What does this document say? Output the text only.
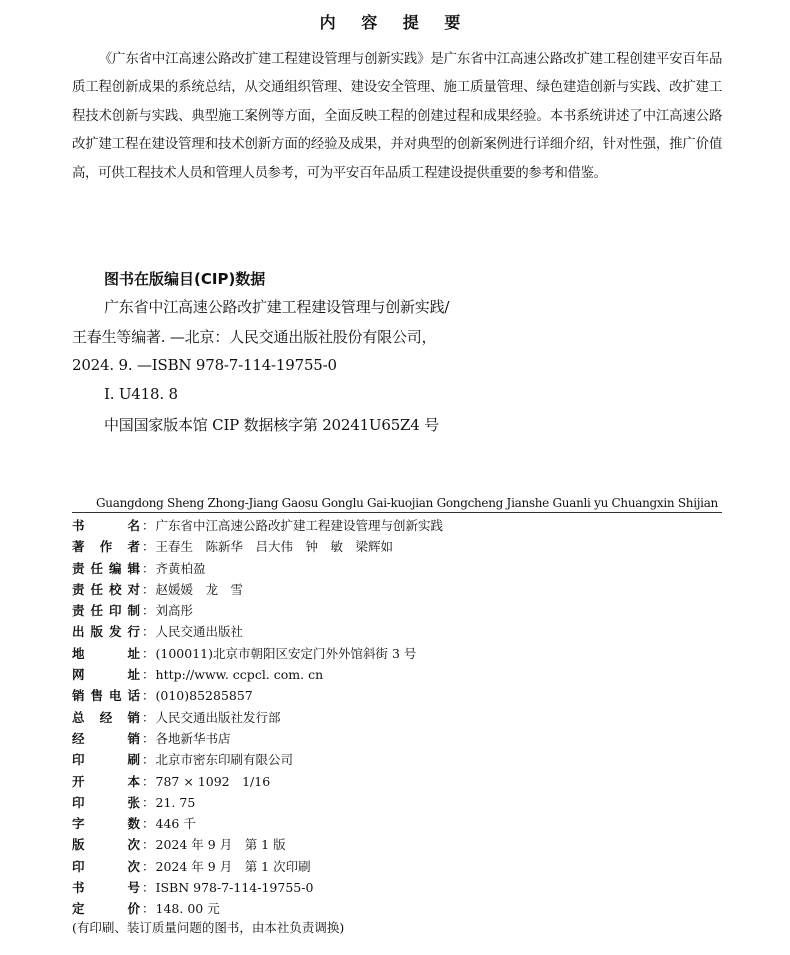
内 容 提 要

《广东省中江高速公路改扩建工程建设管理与创新实践》是广东省中江高速公路改扩建工程创建平安百年品质工程创新成果的系统总结，从交通组织管理、建设安全管理、施工质量管理、绿色建造创新与实践、改扩建工程技术创新与实践、典型施工案例等方面，全面反映工程的创建过程和成果经验。本书系统讲述了中江高速公路改扩建工程在建设管理和技术创新方面的经验及成果，并对典型的创新案例进行详细介绍，针对性强，推广价值高，可供工程技术人员和管理人员参考，可为平安百年品质工程建设提供重要的参考和借鉴。

图书在版编目(CIP)数据
广东省中江高速公路改扩建工程建设管理与创新实践/
王春生等编著. —北京：人民交通出版社股份有限公司，
2024. 9. —ISBN 978-7-114-19755-0
Ⅰ. U418. 8
中国国家版本馆 CIP 数据核字第 20241U65Z4 号
Guangdong Sheng Zhong-Jiang Gaosu Gonglu Gai-kuojian Gongcheng Jianshe Guanli yu Chuangxin Shijian
书	名 ： 广东省中江高速公路改扩建工程建设管理与创新实践
著 作 者 ： 王春生　陈新华　吕大伟　钟　敏　梁辉如
责 任 编 辑 ： 齐黄柏盈
责 任 校 对 ： 赵媛媛　龙　雪
责 任 印 制 ： 刘高彤
出 版 发 行 ： 人民交通出版社
地	址 ： (100011)北京市朝阳区安定门外外馆斜街 3 号
网	址 ： http://www. ccpcl. com. cn
销 售 电 话 ： (010)85285857
总 经 销 ： 人民交通出版社发行部
经	销 ： 各地新华书店
印	刷 ： 北京市密东印刷有限公司
开	本 ： 787 × 1092　1/16
印	张 ： 21. 75
字	数 ： 446 千
版	次 ： 2024 年 9 月　第 1 版
印	次 ： 2024 年 9 月　第 1 次印刷
书	号 ： ISBN 978-7-114-19755-0
定	价 ： 148. 00 元
(有印刷、装订质量问题的图书，由本社负责调换)
